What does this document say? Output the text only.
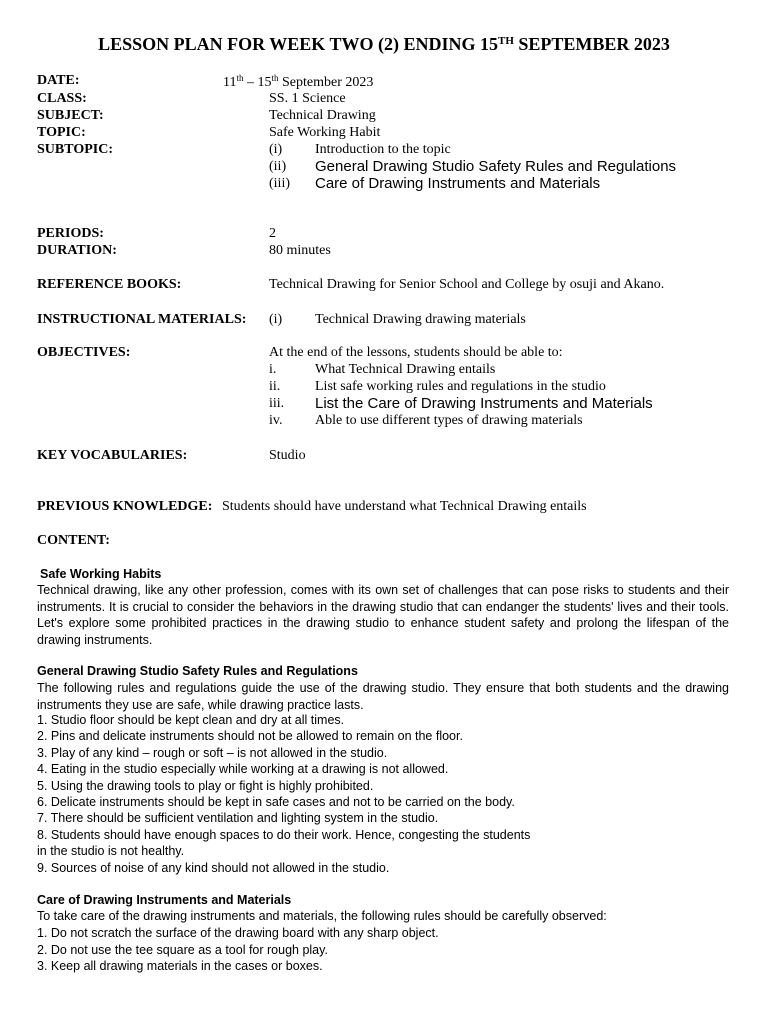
LESSON PLAN FOR WEEK TWO (2) ENDING 15TH SEPTEMBER 2023
DATE:	11th – 15th September 2023
CLASS:	SS. 1 Science
SUBJECT:	Technical Drawing
TOPIC:	Safe Working Habit
SUBTOPIC:	(i) Introduction to the topic
(ii) General Drawing Studio Safety Rules and Regulations
(iii) Care of Drawing Instruments and Materials
PERIODS:	2
DURATION:	80 minutes
REFERENCE BOOKS:	Technical Drawing for Senior School and College by osuji and Akano.
INSTRUCTIONAL MATERIALS: (i) Technical Drawing drawing materials
OBJECTIVES:	At the end of the lessons, students should be able to:
i.	What Technical Drawing entails
ii. List safe working rules and regulations in the studio
iii. List the Care of Drawing Instruments and Materials
iv. Able to use different types of drawing materials
KEY VOCABULARIES:	Studio
PREVIOUS KNOWLEDGE: Students should have understand what Technical Drawing entails
CONTENT:
Safe Working Habits
Technical drawing, like any other profession, comes with its own set of challenges that can pose risks to students and their instruments. It is crucial to consider the behaviors in the drawing studio that can endanger the students' lives and their tools. Let's explore some prohibited practices in the drawing studio to enhance student safety and prolong the lifespan of the drawing instruments.
General Drawing Studio Safety Rules and Regulations
The following rules and regulations guide the use of the drawing studio. They ensure that both students and the drawing instruments they use are safe, while drawing practice lasts.
1. Studio floor should be kept clean and dry at all times.
2. Pins and delicate instruments should not be allowed to remain on the floor.
3. Play of any kind – rough or soft – is not allowed in the studio.
4. Eating in the studio especially while working at a drawing is not allowed.
5. Using the drawing tools to play or fight is highly prohibited.
6. Delicate instruments should be kept in safe cases and not to be carried on the body.
7. There should be sufficient ventilation and lighting system in the studio.
8. Students should have enough spaces to do their work. Hence, congesting the students
in the studio is not healthy.
9. Sources of noise of any kind should not allowed in the studio.
Care of Drawing Instruments and Materials
To take care of the drawing instruments and materials, the following rules should be carefully observed:
1. Do not scratch the surface of the drawing board with any sharp object.
2. Do not use the tee square as a tool for rough play.
3. Keep all drawing materials in the cases or boxes.
